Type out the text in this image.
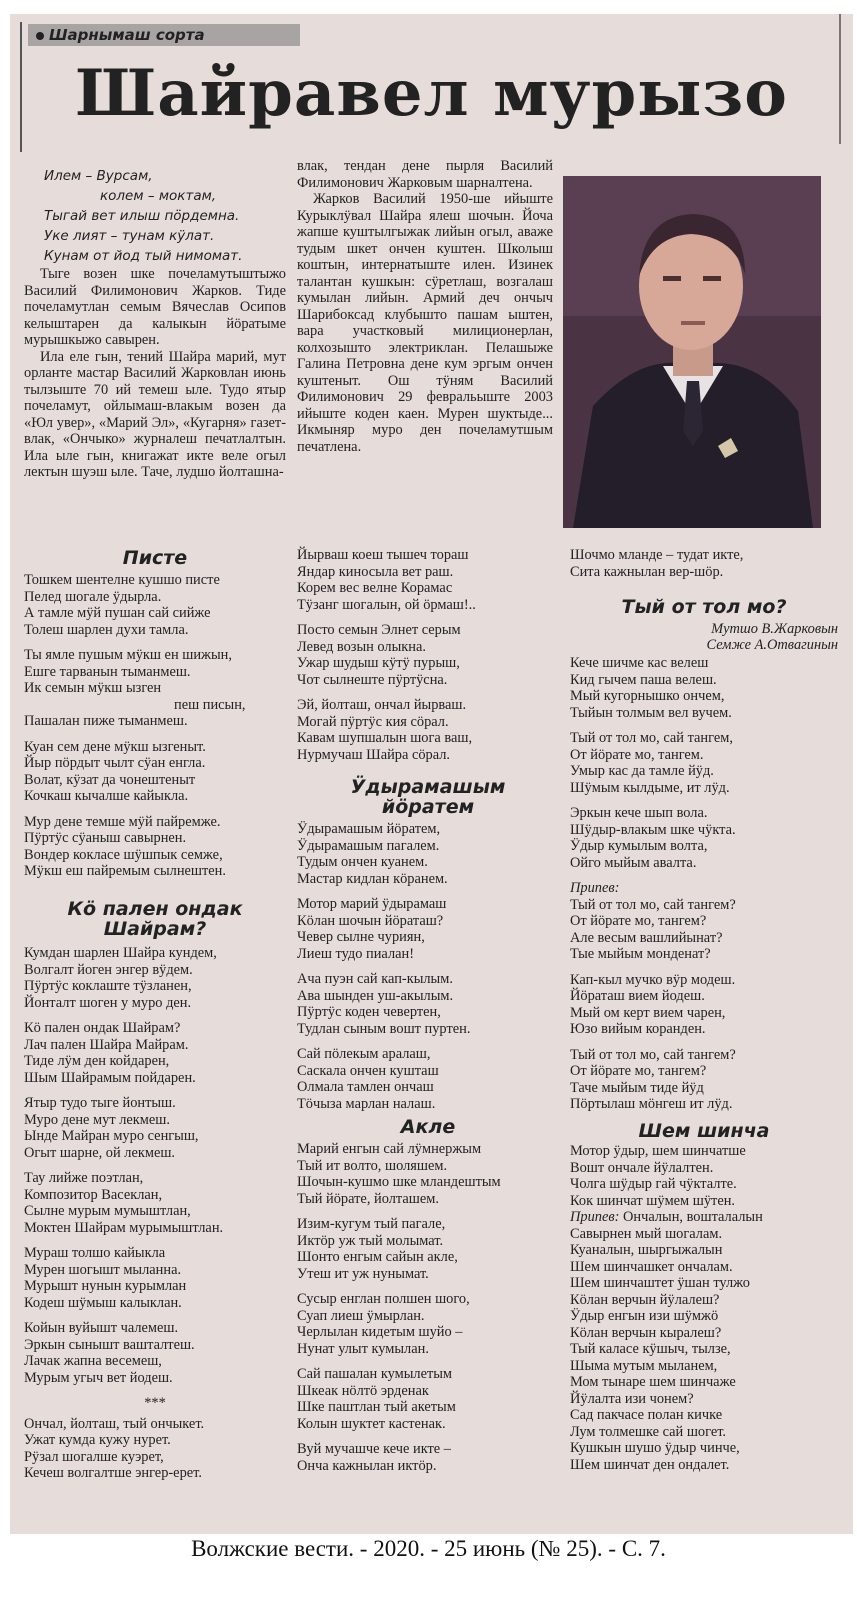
Шарнымаш сорта
Шайравел мурызо
Илем – Вурсам,
колем – моктам,
Тыгай вет илыш пӧрдемна.
Уке лият – тунам кӱлат.
Кунам от йод тый нимомат.

Тыге возен шке почеламутыштыжо Василий Филимонович Жарков. Тиде почеламутлан семым Вячеслав Осипов келыштарен да калыкын йӧратыме мурышкыжо савырен.

Ила еле гын, тений Шайра марий, мут орланте мастар Василий Жарковлан июнь тылзыште 70 ий темеш ыле. Тудо ятыр почеламут, ойлымаш-влакым возен да «Юл увер», «Марий Эл», «Кугарня» газет-влак, «Ончыко» журналеш печатлалтын. Ила ыле гын, книгажат икте веле огыл лектын шуэш ыле. Таче, лудшо йолташна-

влак, тендан дене пырля Василий Филимонович Жарковым шарналтена.

Жарков Василий 1950-ше ийыште Курыклӱвал Шайра ялеш шочын. Йоча жапше куштылгыжак лийын огыл, аваже тудым шкет ончен куштен. Школыш коштын, интернатыште илен. Изинек талантан кушкын: сӱретлаш, возгалаш кумылан лийын. Армий деч ончыч Шарибоксад клубышто пашам ыштен, вара участковый милиционерлан, колхозышто электриклан. Пелашыже Галина Петровна дене кум эргым ончен куштеныт. Ош тӱням Василий Филимонович 29 февральыште 2003 ийыште коден каен. Мурен шуктыде... Икмыняр муро ден почеламутшым печатлена.

Пиcте
Тошкем шентелне кушшо писте
Пелед шогале ӱдырла.
А тамле мӱй пушан сай сийже
Толеш шарлен духи тамла.
Ты ямле пушым мӱкш ен шижын,
Ешге тарванын тыманмеш.
Ик семын мӱкш ызген
пеш писын,
Пашалан пиже тыманмеш.
Куан сем дене мӱкш ызгеныт.
Йыр пӧрдыт чылт сӱан енгла.
Волат, кӱзат да чонештеныт
Кочкаш кычалше кайыкла.
Мур дене темше мӱй пайремже.
Пӱртӱс сӱаныш савырнен.
Вондер кокласе шӱшпык семже,
Мӱкш еш пайремым сылнештен.
Кӧ пален ондак Шайрам?
Кумдан шарлен Шайра кундем,
Волгалт йоген энгер вӱдем.
Пӱртӱс коклаште тӱзланен,
Йонталт шоген у муро ден.
Кӧ пален ондак Шайрам?
Лач пален Шайра Майрам.
Тиде лӱм ден койдарен,
Шым Шайрамым пойдарен.
Ятыр тудо тыге йонтыш.
Муро дене мут лекмеш.
Ынде Майран муро сенгыш,
Огыт шарне, ой лекмеш.
Тау лийже поэтлан,
Композитор Васеклан,
Сылне мурым мумыштлан,
Моктен Шайрам мурымыштлан.
Мураш толшо кайыкла
Мурен шогышт мыланна.
Мурышт нунын курымлан
Кодеш шӱмыш калыклан.
Койын вуйышт чалемеш.
Эркын сынышт вашталтеш.
Лачак жапна весемеш,
Мурым угыч вет йодеш.
***
Ончал, йолташ, тый ончыкет.
Ужат кумда кужу нурет.
Рӱзал шогалше куэрет,
Кечеш волгалтше энгер-ерет.
Йырваш коеш тышеч тораш
Яндар киносыла вет раш.
Корем вес велне Корамас
Тӱзанг шогалын, ой ӧрмаш!..
Посто семын Элнет серым
Левед возын олыкна.
Ужар шудыш кӱтӱ пурыш,
Чот сылнеште пӱртӱсна.
Эй, йолташ, ончал йырваш.
Могай пӱртӱс кия сӧрал.
Кавам шупшалын шога ваш,
Нурмучаш Шайра сӧрал.
Ӱдырамашым йӧратем
Ӱдырамашым йӧратем,
Ӱдырамашым пагалем.
Тудым ончен куанем.
Мастар кидлан кӧранем.
Мотор марий ӱдырамаш
Кӧлан шочын йӧраташ?
Чевер сылне чуриян,
Лиеш тудо пиалан!
Ача пуэн сай кап-кылым.
Ава шынден уш-акылым.
Пӱртӱс коден чевертен,
Тудлан сыным вошт пуртен.
Сай пӧлекым аралаш,
Саскала ончен кушташ
Олмала тамлен ончаш
Тӧчыза марлан налаш.
Акле
Марий енгын сай лӱмнержым
Тый ит волто, шоляшем.
Шочын-кушмо шке мландештым
Тый йӧрате, йолташем.
Изим-кугум тый пагале,
Иктӧр уж тый молымат.
Шонто енгым сайын акле,
Утеш ит уж нунымат.
Сусыр енглан полшен шого,
Суап лиеш ӱмырлан.
Черлылан кидетым шуйо –
Нунат улыт кумылан.
Сай пашалан кумылетым
Шкеак нӧлтӧ эрденак
Шке паштлан тый акетым
Колын шуктет кастенак.
Вуй мучашче кече икте –
Онча кажнылан иктӧр.
Шочмо мланде – тудат икте,
Сита кажнылан вер-шӧр.
Тый от тол мо?
Мутшо В.Жарковын
Семже А.Отвагинын
Кече шичме кас велеш
Кид гычем паша велеш.
Мый кугорнышко ончем,
Тыйын толмым вел вучем.
Тый от тол мо, сай тангем,
От йӧрате мо, тангем.
Умыр кас да тамле йӱд.
Шӱмым кылдыме, ит лӱд.
Эркын кече шып вола.
Шӱдыр-влакым шке чӱкта.
Ӱдыр кумылым волта,
Ойго мыйым авалта.
Припев:
Тый от тол мо, сай тангем?
От йӧрате мо, тангем?
Але весым вашлийынат?
Тые мыйым монденат?
Кап-кыл мучко вӱр модеш.
Йӧраташ вием йодеш.
Мый ом керт вием чарен,
Юзо вийым коранден.
Тый от тол мо, сай тангем?
От йӧрате мо, тангем?
Таче мыйым тиде йӱд
Пӧртылаш мӧнгеш ит лӱд.
Шем шинча
Мотор ӱдыр, шем шинчатше
Вошт ончале йӱлалтен.
Чолга шӱдыр гай чӱкталте.
Кок шинчат шӱмем шӱтен.
Припев: Ончалын, вошталалын
Савырнен мый шогалам.
Куаналын, шыргыжалын
Шем шинчашкет ончалам.
Шем шинчаштет ӱшан тулжо
Кӧлан верчын йӱлалеш?
Ӱдыр енгын изи шӱмжӧ
Кӧлан верчын кыралеш?
Тый каласе кӱшыч, тылзе,
Шыма мутым мыланем,
Мом тынаре шем шинчаже
Йӱлалта изи чонем?
Сад пакчасе полан кичке
Лум толмешке сай шогет.
Кушкын шушо ӱдыр чинче,
Шем шинчат ден ондалет.
Волжские вести. - 2020. - 25 июнь (№ 25). - С. 7.
